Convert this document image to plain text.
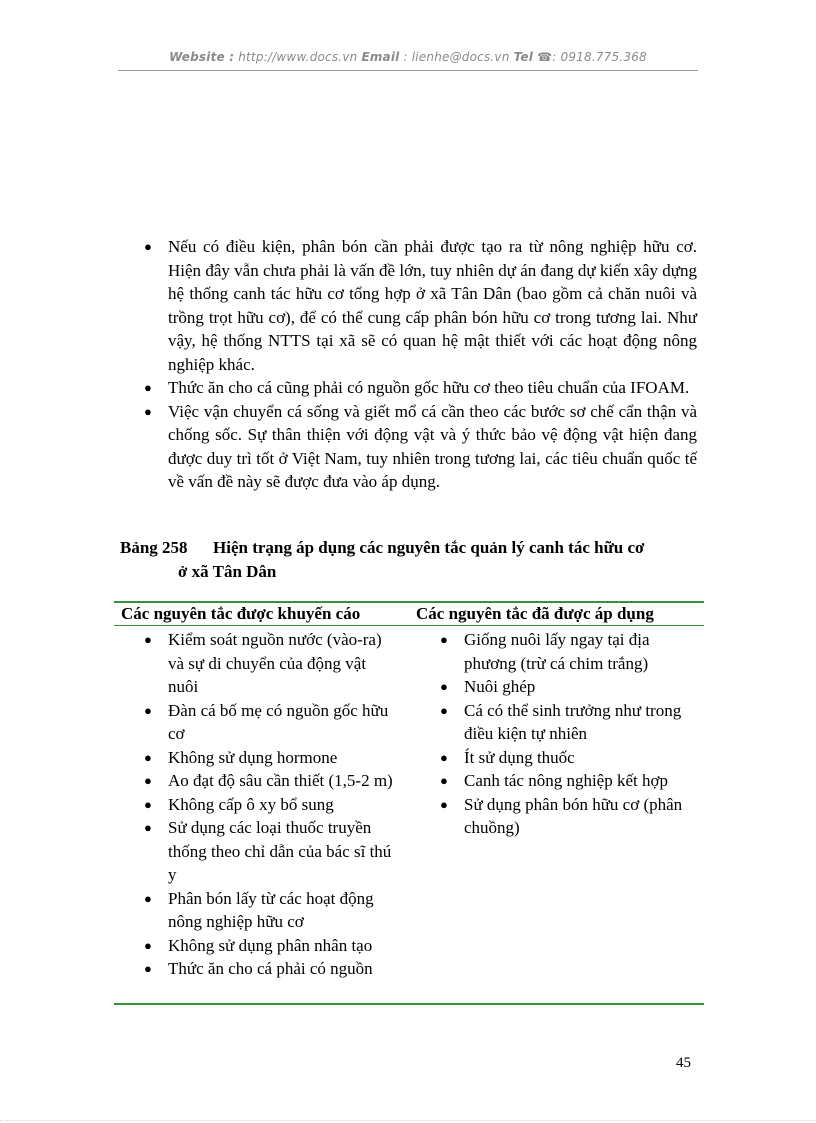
Website : http://www.docs.vn Email : lienhe@docs.vn Tel ☎: 0918.775.368
● Nếu có điều kiện, phân bón cần phải được tạo ra từ nông nghiệp hữu cơ. Hiện đây vẫn chưa phải là vấn đề lớn, tuy nhiên dự án đang dự kiến xây dựng hệ thống canh tác hữu cơ tổng hợp ở xã Tân Dân (bao gồm cả chăn nuôi và trồng trọt hữu cơ), để có thể cung cấp phân bón hữu cơ trong tương lai. Như vậy, hệ thống NTTS tại xã sẽ có quan hệ mật thiết với các hoạt động nông nghiệp khác.
● Thức ăn cho cá cũng phải có nguồn gốc hữu cơ theo tiêu chuẩn của IFOAM.
● Việc vận chuyển cá sống và giết mổ cá cần theo các bước sơ chế cẩn thận và chống sốc. Sự thân thiện với động vật và ý thức bảo vệ động vật hiện đang được duy trì tốt ở Việt Nam, tuy nhiên trong tương lai, các tiêu chuẩn quốc tế về vấn đề này sẽ được đưa vào áp dụng.
Bảng 258 Hiện trạng áp dụng các nguyên tắc quản lý canh tác hữu cơ
ở xã Tân Dân
Các nguyên tắc được khuyến cáo	Các nguyên tắc đã được áp dụng
● Kiểm soát nguồn nước (vào-ra) và sự di chuyển của động vật nuôi
● Đàn cá bố mẹ có nguồn gốc hữu cơ
● Không sử dụng hormone
● Ao đạt độ sâu cần thiết (1,5-2 m)
● Không cấp ô xy bổ sung
● Sử dụng các loại thuốc truyền thống theo chỉ dẫn của bác sĩ thú y
● Phân bón lấy từ các hoạt động nông nghiệp hữu cơ
● Không sử dụng phân nhân tạo
● Thức ăn cho cá phải có nguồn
● Giống nuôi lấy ngay tại địa phương (trừ cá chim trắng)
● Nuôi ghép
● Cá có thể sinh trưởng như trong điều kiện tự nhiên
● Ít sử dụng thuốc
● Canh tác nông nghiệp kết hợp
● Sử dụng phân bón hữu cơ (phân chuồng)
45
